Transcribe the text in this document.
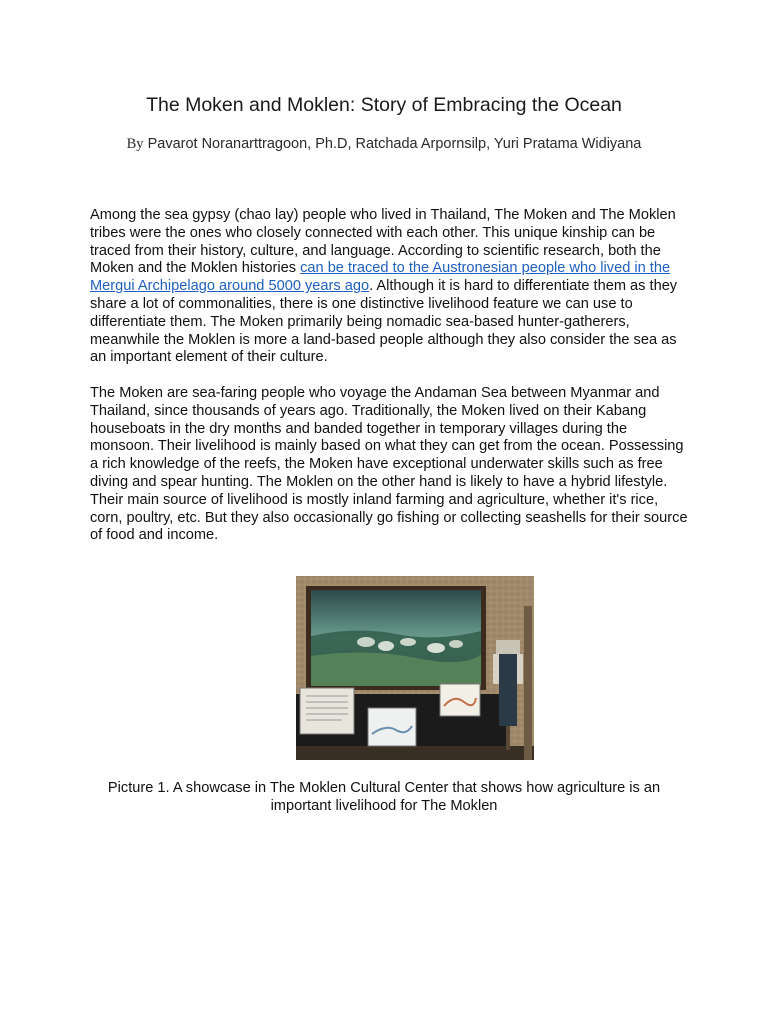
The Moken and Moklen: Story of Embracing the Ocean
By Pavarot Noranarttragoon, Ph.D, Ratchada Arpornsilp, Yuri Pratama Widiyana

Among the sea gypsy (chao lay) people who lived in Thailand, The Moken and The Moklen tribes were the ones who closely connected with each other. This unique kinship can be traced from their history, culture, and language. According to scientific research, both the Moken and the Moklen histories can be traced to the Austronesian people who lived in the Mergui Archipelago around 5000 years ago. Although it is hard to differentiate them as they share a lot of commonalities, there is one distinctive livelihood feature we can use to differentiate them. The Moken primarily being nomadic sea-based hunter-gatherers, meanwhile the Moklen is more a land-based people although they also consider the sea as an important element of their culture.

The Moken are sea-faring people who voyage the Andaman Sea between Myanmar and Thailand, since thousands of years ago. Traditionally, the Moken lived on their Kabang houseboats in the dry months and banded together in temporary villages during the monsoon. Their livelihood is mainly based on what they can get from the ocean. Possessing a rich knowledge of the reefs, the Moken have exceptional underwater skills such as free diving and spear hunting. The Moklen on the other hand is likely to have a hybrid lifestyle. Their main source of livelihood is mostly inland farming and agriculture, whether it's rice, corn, poultry, etc. But they also occasionally go fishing or collecting seashells for their source of food and income.

Picture 1. A showcase in The Moklen Cultural Center that shows how agriculture is an important livelihood for The Moklen
